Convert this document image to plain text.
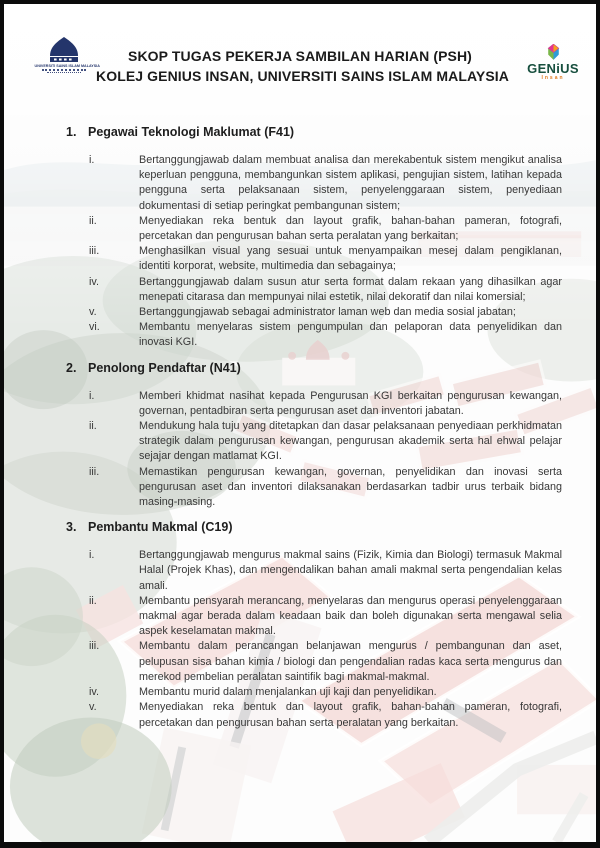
UNIVERSITI SAINS ISLAM MALAYSIA
SKOP TUGAS PEKERJA SAMBILAN HARIAN (PSH)
KOLEJ GENIUS INSAN, UNIVERSITI SAINS ISLAM MALAYSIA	GENiUS
Insan
1. Pegawai Teknologi Maklumat (F41)
i.	Bertanggungjawab dalam membuat analisa dan merekabentuk sistem mengikut analisa keperluan pengguna, membangunkan sistem aplikasi, pengujian sistem, latihan kepada pengguna serta pelaksanaan sistem, penyelenggaraan sistem, penyediaan dokumentasi di setiap peringkat pembangunan sistem;
ii.	Menyediakan reka bentuk dan layout grafik, bahan-bahan pameran, fotografi, percetakan dan pengurusan bahan serta peralatan yang berkaitan;
iii.	Menghasilkan visual yang sesuai untuk menyampaikan mesej dalam pengiklanan, identiti korporat, website, multimedia dan sebagainya;
iv.	Bertanggungjawab dalam susun atur serta format dalam rekaan yang dihasilkan agar menepati citarasa dan mempunyai nilai estetik, nilai dekoratif dan nilai komersial;
v.	Bertanggungjawab sebagai administrator laman web dan media sosial jabatan;
vi.	Membantu menyelaras sistem pengumpulan dan pelaporan data penyelidikan dan inovasi KGI.
2. Penolong Pendaftar (N41)
i.	Memberi khidmat nasihat kepada Pengurusan KGI berkaitan pengurusan kewangan, governan, pentadbiran serta pengurusan aset dan inventori jabatan.
ii.	Mendukung hala tuju yang ditetapkan dan dasar pelaksanaan penyediaan perkhidmatan strategik dalam pengurusan kewangan, pengurusan akademik serta hal ehwal pelajar sejajar dengan matlamat KGI.
iii.	Memastikan pengurusan kewangan, governan, penyelidikan dan inovasi serta pengurusan aset dan inventori dilaksanakan berdasarkan tadbir urus terbaik bidang masing-masing.
3. Pembantu Makmal (C19)
i.	Bertanggungjawab mengurus makmal sains (Fizik, Kimia dan Biologi) termasuk Makmal Halal (Projek Khas), dan mengendalikan bahan amali makmal serta pengendalian kelas amali.
ii.	Membantu pensyarah merancang, menyelaras dan mengurus operasi penyelenggaraan makmal agar berada dalam keadaan baik dan boleh digunakan serta mengawal selia aspek keselamatan makmal.
iii.	Membantu dalam perancangan belanjawan mengurus / pembangunan dan aset, pelupusan sisa bahan kimia / biologi dan pengendalian radas kaca serta mengurus dan merekod pembelian peralatan saintifik bagi makmal-makmal.
iv.	Membantu murid dalam menjalankan uji kaji dan penyelidikan.
v.	Menyediakan reka bentuk dan layout grafik, bahan-bahan pameran, fotografi, percetakan dan pengurusan bahan serta peralatan yang berkaitan.
